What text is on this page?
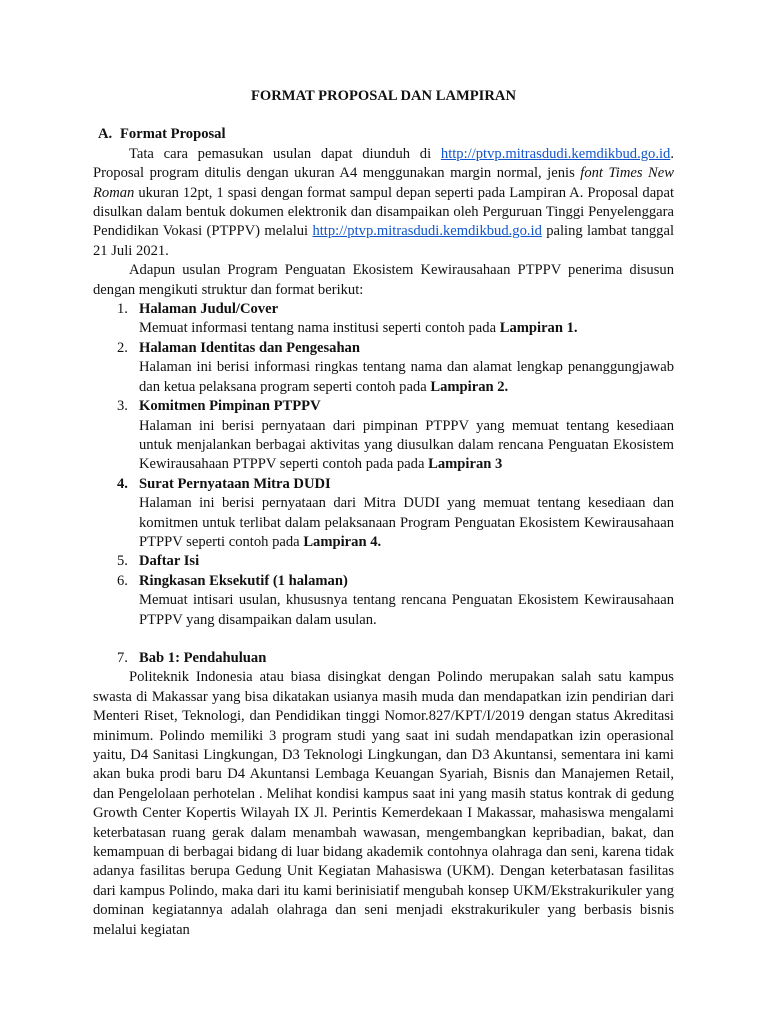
FORMAT PROPOSAL DAN LAMPIRAN
A. Format Proposal

Tata cara pemasukan usulan dapat diunduh di http://ptvp.mitrasdudi.kemdikbud.go.id. Proposal program ditulis dengan ukuran A4 menggunakan margin normal, jenis font Times New Roman ukuran 12pt, 1 spasi dengan format sampul depan seperti pada Lampiran A. Proposal dapat disulkan dalam bentuk dokumen elektronik dan disampaikan oleh Perguruan Tinggi Penyelenggara Pendidikan Vokasi (PTPPV) melalui http://ptvp.mitrasdudi.kemdikbud.go.id paling lambat tanggal 21 Juli 2021.

Adapun usulan Program Penguatan Ekosistem Kewirausahaan PTPPV penerima disusun dengan mengikuti struktur dan format berikut:

1. Halaman Judul/Cover
Memuat informasi tentang nama institusi seperti contoh pada Lampiran 1.
2. Halaman Identitas dan Pengesahan
Halaman ini berisi informasi ringkas tentang nama dan alamat lengkap penanggungjawab dan ketua pelaksana program seperti contoh pada Lampiran 2.
3. Komitmen Pimpinan PTPPV
Halaman ini berisi pernyataan dari pimpinan PTPPV yang memuat tentang kesediaan untuk menjalankan berbagai aktivitas yang diusulkan dalam rencana Penguatan Ekosistem Kewirausahaan PTPPV seperti contoh pada pada Lampiran 3
4. Surat Pernyataan Mitra DUDI
Halaman ini berisi pernyataan dari Mitra DUDI yang memuat tentang kesediaan dan komitmen untuk terlibat dalam pelaksanaan Program Penguatan Ekosistem Kewirausahaan PTPPV seperti contoh pada Lampiran 4.
5. Daftar Isi
6. Ringkasan Eksekutif (1 halaman)
Memuat intisari usulan, khususnya tentang rencana Penguatan Ekosistem Kewirausahaan PTPPV yang disampaikan dalam usulan.
7. Bab 1: Pendahuluan

Politeknik Indonesia atau biasa disingkat dengan Polindo merupakan salah satu kampus swasta di Makassar yang bisa dikatakan usianya masih muda dan mendapatkan izin pendirian dari Menteri Riset, Teknologi, dan Pendidikan tinggi Nomor.827/KPT/I/2019 dengan status Akreditasi minimum. Polindo memiliki 3 program studi yang saat ini sudah mendapatkan izin operasional yaitu, D4 Sanitasi Lingkungan, D3 Teknologi Lingkungan, dan D3 Akuntansi, sementara ini kami akan buka prodi baru D4 Akuntansi Lembaga Keuangan Syariah, Bisnis dan Manajemen Retail, dan Pengelolaan perhotelan . Melihat kondisi kampus saat ini yang masih status kontrak di gedung Growth Center Kopertis Wilayah IX Jl. Perintis Kemerdekaan I Makassar, mahasiswa mengalami keterbatasan ruang gerak dalam menambah wawasan, mengembangkan kepribadian, bakat, dan kemampuan di berbagai bidang di luar bidang akademik contohnya olahraga dan seni, karena tidak adanya fasilitas berupa Gedung Unit Kegiatan Mahasiswa (UKM). Dengan keterbatasan fasilitas dari kampus Polindo, maka dari itu kami berinisiatif mengubah konsep UKM/Ekstrakurikuler yang dominan kegiatannya adalah olahraga dan seni menjadi ekstrakurikuler yang berbasis bisnis melalui kegiatan
